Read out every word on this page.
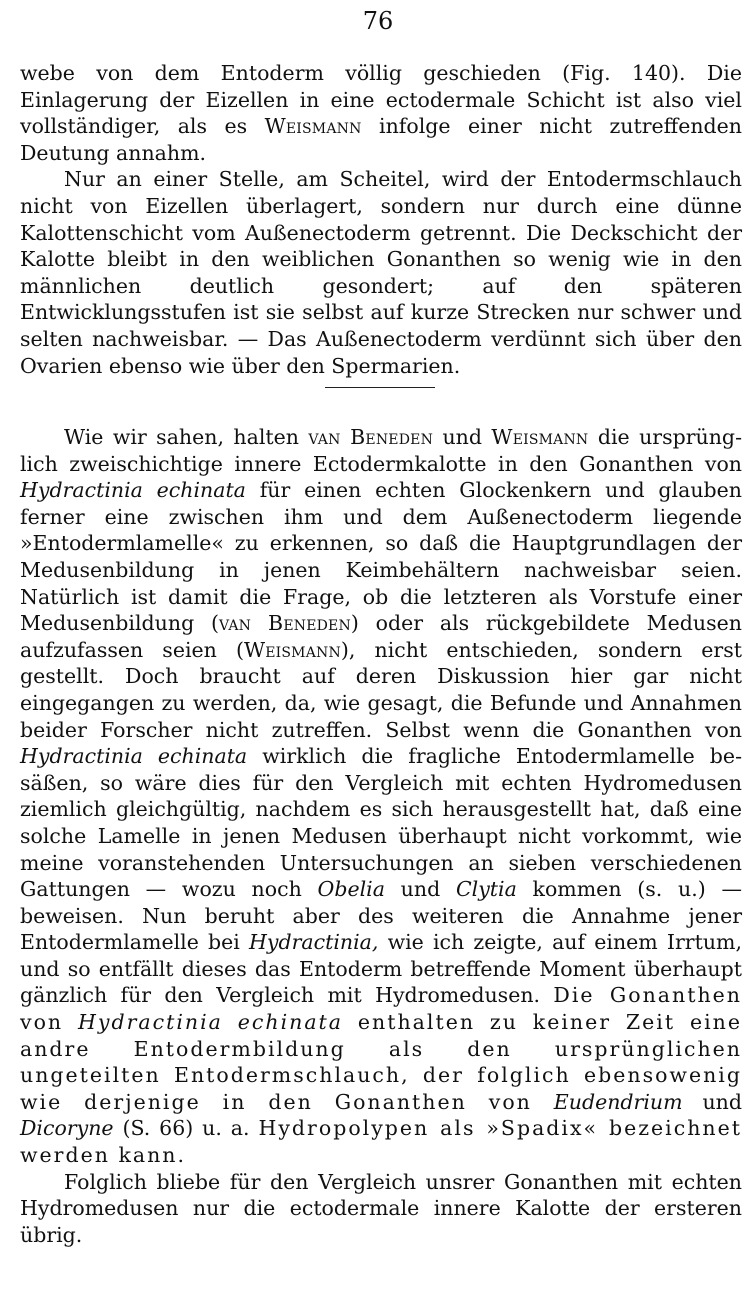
76

webe von dem Entoderm völlig geschieden (Fig. 140). Die Einlagerung der Eizellen in eine ectodermale Schicht ist also viel vollständiger, als es Weismann infolge einer nicht zutreffenden Deutung annahm.

Nur an einer Stelle, am Scheitel, wird der Entodermschlauch nicht von Eizellen überlagert, sondern nur durch eine dünne Kalottenschicht vom Außenectoderm getrennt. Die Deckschicht der Kalotte bleibt in den weiblichen Gonanthen so wenig wie in den männlichen deutlich gesondert; auf den späteren Entwicklungsstufen ist sie selbst auf kurze Strecken nur schwer und selten nachweisbar. — Das Außenectoderm verdünnt sich über den Ovarien ebenso wie über den Spermarien.

Wie wir sahen, halten van Beneden und Weismann die ursprünglich zweischichtige innere Ectodermkalotte in den Gonanthen von Hydractinia echinata für einen echten Glockenkern und glauben ferner eine zwischen ihm und dem Außenectoderm liegende »Entodermlamelle« zu erkennen, so daß die Hauptgrundlagen der Medusenbildung in jenen Keimbehältern nachweisbar seien. Natürlich ist damit die Frage, ob die letzteren als Vorstufe einer Medusenbildung (van Beneden) oder als rückgebildete Medusen aufzufassen seien (Weismann), nicht entschieden, sondern erst gestellt. Doch braucht auf deren Diskussion hier gar nicht eingegangen zu werden, da, wie gesagt, die Befunde und Annahmen beider Forscher nicht zutreffen. Selbst wenn die Gonanthen von Hydractinia echinata wirklich die fragliche Entodermlamelle besäßen, so wäre dies für den Vergleich mit echten Hydromedusen ziemlich gleichgültig, nachdem es sich herausgestellt hat, daß eine solche Lamelle in jenen Medusen überhaupt nicht vorkommt, wie meine voranstehenden Untersuchungen an sieben verschiedenen Gattungen — wozu noch Obelia und Clytia kommen (s. u.) — beweisen. Nun beruht aber des weiteren die Annahme jener Entodermlamelle bei Hydractinia, wie ich zeigte, auf einem Irrtum, und so entfällt dieses das Entoderm betreffende Moment überhaupt gänzlich für den Vergleich mit Hydromedusen. Die Gonanthen von Hydractinia echinata enthalten zu keiner Zeit eine andre Entodermbildung als den ursprünglichen ungeteilten Entodermschlauch, der folglich ebensowenig wie derjenige in den Gonanthen von Eudendrium und Dicoryne (S. 66) u. a. Hydropolypen als »Spadix« bezeichnet werden kann.

Folglich bliebe für den Vergleich unsrer Gonanthen mit echten Hydromedusen nur die ectodermale innere Kalotte der ersteren übrig.
